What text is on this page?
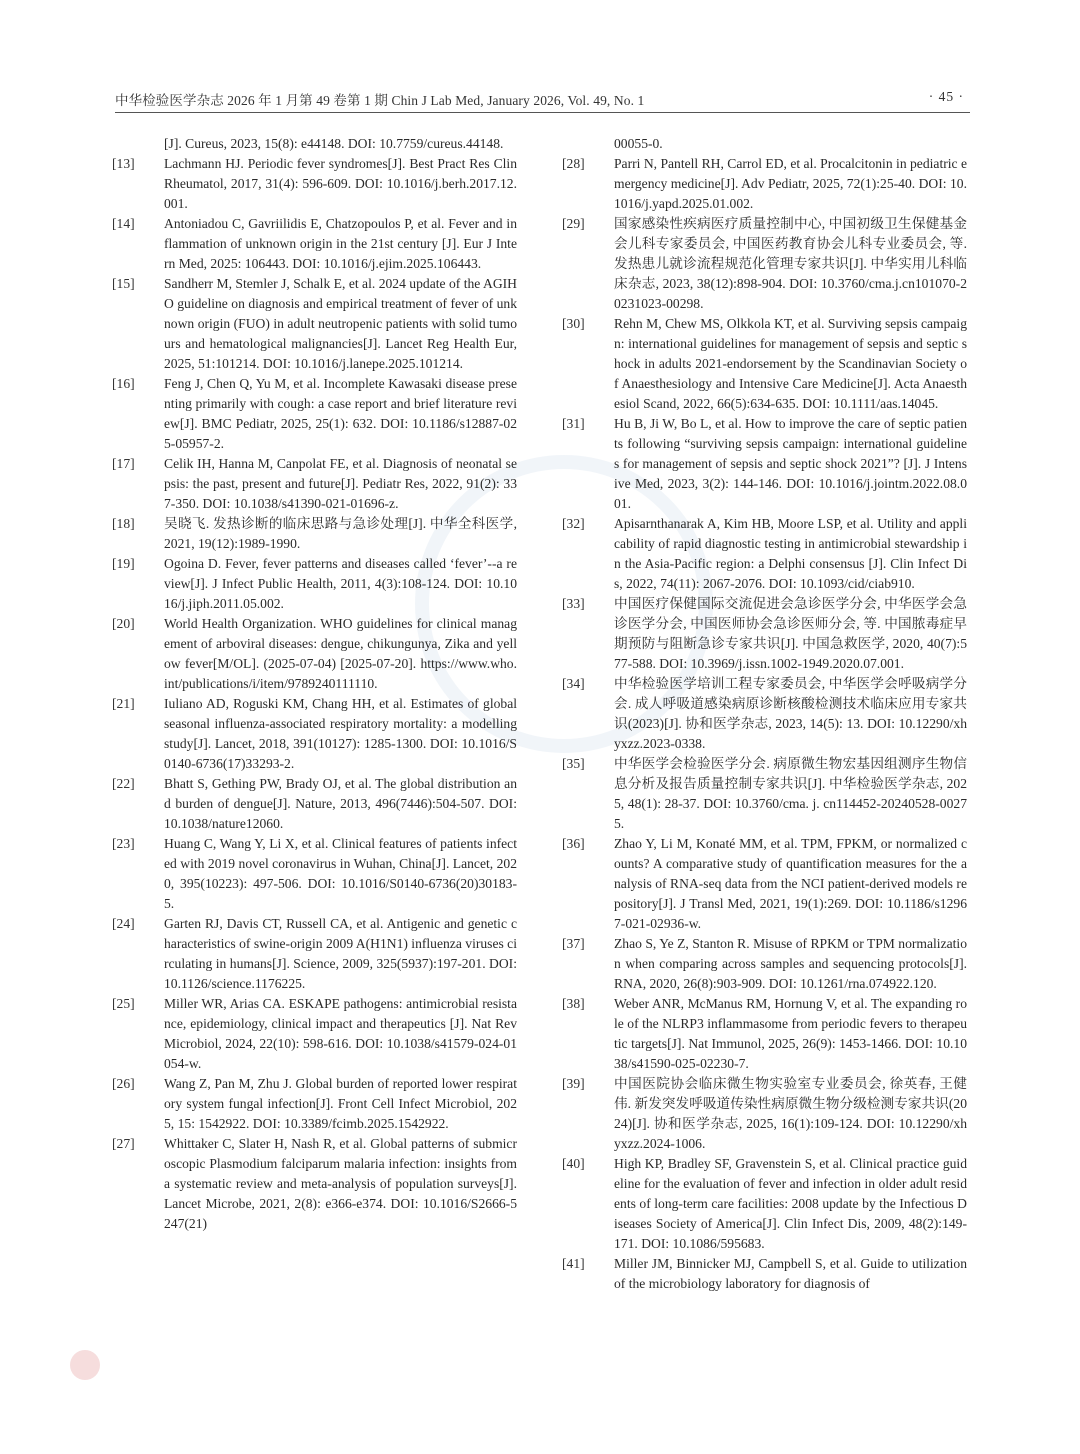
中华检验医学杂志 2026 年 1 月第 49 卷第 1 期 Chin J Lab Med, January 2026, Vol. 49, No. 1	· 45 ·
[J]. Cureus, 2023, 15(8): e44148. DOI: 10.7759/cureus.44148.
[13]	Lachmann HJ. Periodic fever syndromes[J]. Best Pract Res Clin Rheumatol, 2017, 31(4): 596-609. DOI: 10.1016/j.berh.2017.12.001.
[14]	Antoniadou C, Gavriilidis E, Chatzopoulos P, et al. Fever and inflammation of unknown origin in the 21st century [J]. Eur J Intern Med, 2025: 106443. DOI: 10.1016/j.ejim.2025.106443.
[15]	Sandherr M, Stemler J, Schalk E, et al. 2024 update of the AGIHO guideline on diagnosis and empirical treatment of fever of unknown origin (FUO) in adult neutropenic patients with solid tumours and hematological malignancies[J]. Lancet Reg Health Eur, 2025, 51:101214. DOI: 10.1016/j.lanepe.2025.101214.
[16]	Feng J, Chen Q, Yu M, et al. Incomplete Kawasaki disease presenting primarily with cough: a case report and brief literature review[J]. BMC Pediatr, 2025, 25(1): 632. DOI: 10.1186/s12887-025-05957-2.
[17]	Celik IH, Hanna M, Canpolat FE, et al. Diagnosis of neonatal sepsis: the past, present and future[J]. Pediatr Res, 2022, 91(2): 337-350. DOI: 10.1038/s41390-021-01696-z.
[18]	吴晓飞. 发热诊断的临床思路与急诊处理[J]. 中华全科医学, 2021, 19(12):1989-1990.
[19]	Ogoina D. Fever, fever patterns and diseases called ‘fever’--a review[J]. J Infect Public Health, 2011, 4(3):108-124. DOI: 10.1016/j.jiph.2011.05.002.
[20]	World Health Organization. WHO guidelines for clinical management of arboviral diseases: dengue, chikungunya, Zika and yellow fever[M/OL]. (2025-07-04) [2025-07-20]. https://www.who.int/publications/i/item/9789240111110.
[21]	Iuliano AD, Roguski KM, Chang HH, et al. Estimates of global seasonal influenza-associated respiratory mortality: a modelling study[J]. Lancet, 2018, 391(10127): 1285-1300. DOI: 10.1016/S0140-6736(17)33293-2.
[22]	Bhatt S, Gething PW, Brady OJ, et al. The global distribution and burden of dengue[J]. Nature, 2013, 496(7446):504-507. DOI: 10.1038/nature12060.
[23]	Huang C, Wang Y, Li X, et al. Clinical features of patients infected with 2019 novel coronavirus in Wuhan, China[J]. Lancet, 2020, 395(10223): 497-506. DOI: 10.1016/S0140-6736(20)30183-5.
[24]	Garten RJ, Davis CT, Russell CA, et al. Antigenic and genetic characteristics of swine-origin 2009 A(H1N1) influenza viruses circulating in humans[J]. Science, 2009, 325(5937):197-201. DOI: 10.1126/science.1176225.
[25]	Miller WR, Arias CA. ESKAPE pathogens: antimicrobial resistance, epidemiology, clinical impact and therapeutics [J]. Nat Rev Microbiol, 2024, 22(10): 598-616. DOI: 10.1038/s41579-024-01054-w.
[26]	Wang Z, Pan M, Zhu J. Global burden of reported lower respiratory system fungal infection[J]. Front Cell Infect Microbiol, 2025, 15: 1542922. DOI: 10.3389/fcimb.2025.1542922.
[27]	Whittaker C, Slater H, Nash R, et al. Global patterns of submicroscopic Plasmodium falciparum malaria infection: insights from a systematic review and meta-analysis of population surveys[J]. Lancet Microbe, 2021, 2(8): e366-e374. DOI: 10.1016/S2666-5247(21)
00055-0.
[28]	Parri N, Pantell RH, Carrol ED, et al. Procalcitonin in pediatric emergency medicine[J]. Adv Pediatr, 2025, 72(1):25-40. DOI: 10.1016/j.yapd.2025.01.002.
[29]	国家感染性疾病医疗质量控制中心, 中国初级卫生保健基金会儿科专家委员会, 中国医药教育协会儿科专业委员会, 等. 发热患儿就诊流程规范化管理专家共识[J]. 中华实用儿科临床杂志, 2023, 38(12):898-904. DOI: 10.3760/cma.j.cn101070-20231023-00298.
[30]	Rehn M, Chew MS, Olkkola KT, et al. Surviving sepsis campaign: international guidelines for management of sepsis and septic shock in adults 2021-endorsement by the Scandinavian Society of Anaesthesiology and Intensive Care Medicine[J]. Acta Anaesthesiol Scand, 2022, 66(5):634-635. DOI: 10.1111/aas.14045.
[31]	Hu B, Ji W, Bo L, et al. How to improve the care of septic patients following “surviving sepsis campaign: international guidelines for management of sepsis and septic shock 2021”? [J]. J Intensive Med, 2023, 3(2): 144-146. DOI: 10.1016/j.jointm.2022.08.001.
[32]	Apisarnthanarak A, Kim HB, Moore LSP, et al. Utility and applicability of rapid diagnostic testing in antimicrobial stewardship in the Asia-Pacific region: a Delphi consensus [J]. Clin Infect Dis, 2022, 74(11): 2067-2076. DOI: 10.1093/cid/ciab910.
[33]	中国医疗保健国际交流促进会急诊医学分会, 中华医学会急诊医学分会, 中国医师协会急诊医师分会, 等. 中国脓毒症早期预防与阻断急诊专家共识[J]. 中国急救医学, 2020, 40(7):577-588. DOI: 10.3969/j.issn.1002-1949.2020.07.001.
[34]	中华检验医学培训工程专家委员会, 中华医学会呼吸病学分会. 成人呼吸道感染病原诊断核酸检测技术临床应用专家共识(2023)[J]. 协和医学杂志, 2023, 14(5): 13. DOI: 10.12290/xhyxzz.2023-0338.
[35]	中华医学会检验医学分会. 病原微生物宏基因组测序生物信息分析及报告质量控制专家共识[J]. 中华检验医学杂志, 2025, 48(1): 28-37. DOI: 10.3760/cma. j. cn114452-20240528-00275.
[36]	Zhao Y, Li M, Konaté MM, et al. TPM, FPKM, or normalized counts? A comparative study of quantification measures for the analysis of RNA-seq data from the NCI patient-derived models repository[J]. J Transl Med, 2021, 19(1):269. DOI: 10.1186/s12967-021-02936-w.
[37]	Zhao S, Ye Z, Stanton R. Misuse of RPKM or TPM normalization when comparing across samples and sequencing protocols[J]. RNA, 2020, 26(8):903-909. DOI: 10.1261/rna.074922.120.
[38]	Weber ANR, McManus RM, Hornung V, et al. The expanding role of the NLRP3 inflammasome from periodic fevers to therapeutic targets[J]. Nat Immunol, 2025, 26(9): 1453-1466. DOI: 10.1038/s41590-025-02230-7.
[39]	中国医院协会临床微生物实验室专业委员会, 徐英春, 王健伟. 新发突发呼吸道传染性病原微生物分级检测专家共识(2024)[J]. 协和医学杂志, 2025, 16(1):109-124. DOI: 10.12290/xhyxzz.2024-1006.
[40]	High KP, Bradley SF, Gravenstein S, et al. Clinical practice guideline for the evaluation of fever and infection in older adult residents of long-term care facilities: 2008 update by the Infectious Diseases Society of America[J]. Clin Infect Dis, 2009, 48(2):149-171. DOI: 10.1086/595683.
[41]	Miller JM, Binnicker MJ, Campbell S, et al. Guide to utilization of the microbiology laboratory for diagnosis of
